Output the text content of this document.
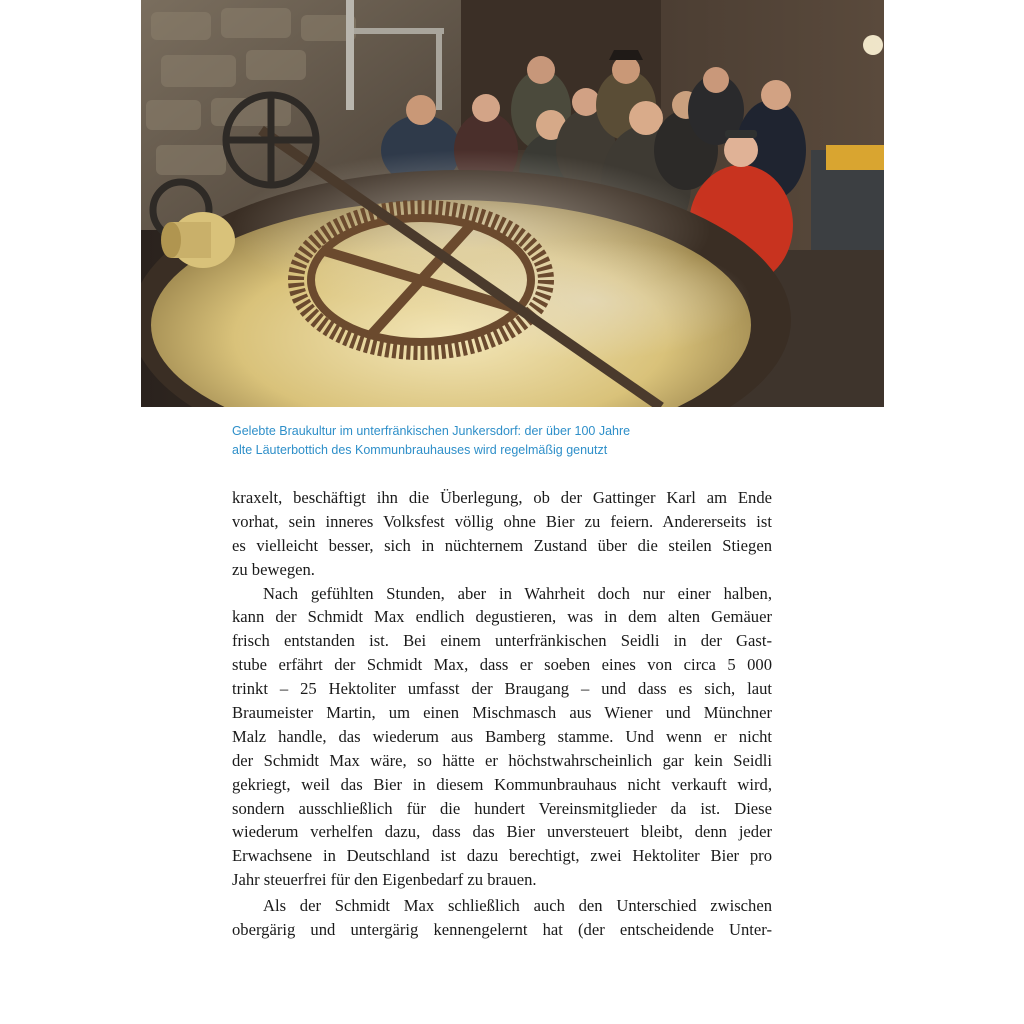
Gelebte Braukultur im unterfränkischen Junkersdorf: der über 100 Jahre
alte Läuterbottich des Kommunbrauhauses wird regelmäßig genutzt
kraxelt, beschäftigt ihn die Überlegung, ob der Gattinger Karl am Ende
vorhat, sein inneres Volksfest völlig ohne Bier zu feiern. Andererseits ist
es vielleicht besser, sich in nüchternem Zustand über die steilen Stiegen
zu bewegen.
Nach gefühlten Stunden, aber in Wahrheit doch nur einer halben,
kann der Schmidt Max endlich degustieren, was in dem alten Gemäuer
frisch entstanden ist. Bei einem unterfränkischen Seidli in der Gast-
stube erfährt der Schmidt Max, dass er soeben eines von circa 5 000
trinkt – 25 Hektoliter umfasst der Braugang – und dass es sich, laut
Braumeister Martin, um einen Mischmasch aus Wiener und Münchner
Malz handle, das wiederum aus Bamberg stamme. Und wenn er nicht
der Schmidt Max wäre, so hätte er höchstwahrscheinlich gar kein Seidli
gekriegt, weil das Bier in diesem Kommunbrauhaus nicht verkauft wird,
sondern ausschließlich für die hundert Vereinsmitglieder da ist. Diese
wiederum verhelfen dazu, dass das Bier unversteuert bleibt, denn jeder
Erwachsene in Deutschland ist dazu berechtigt, zwei Hektoliter Bier pro
Jahr steuerfrei für den Eigenbedarf zu brauen.
Als der Schmidt Max schließlich auch den Unterschied zwischen
obergärig und untergärig kennengelernt hat (der entscheidende Unter-
